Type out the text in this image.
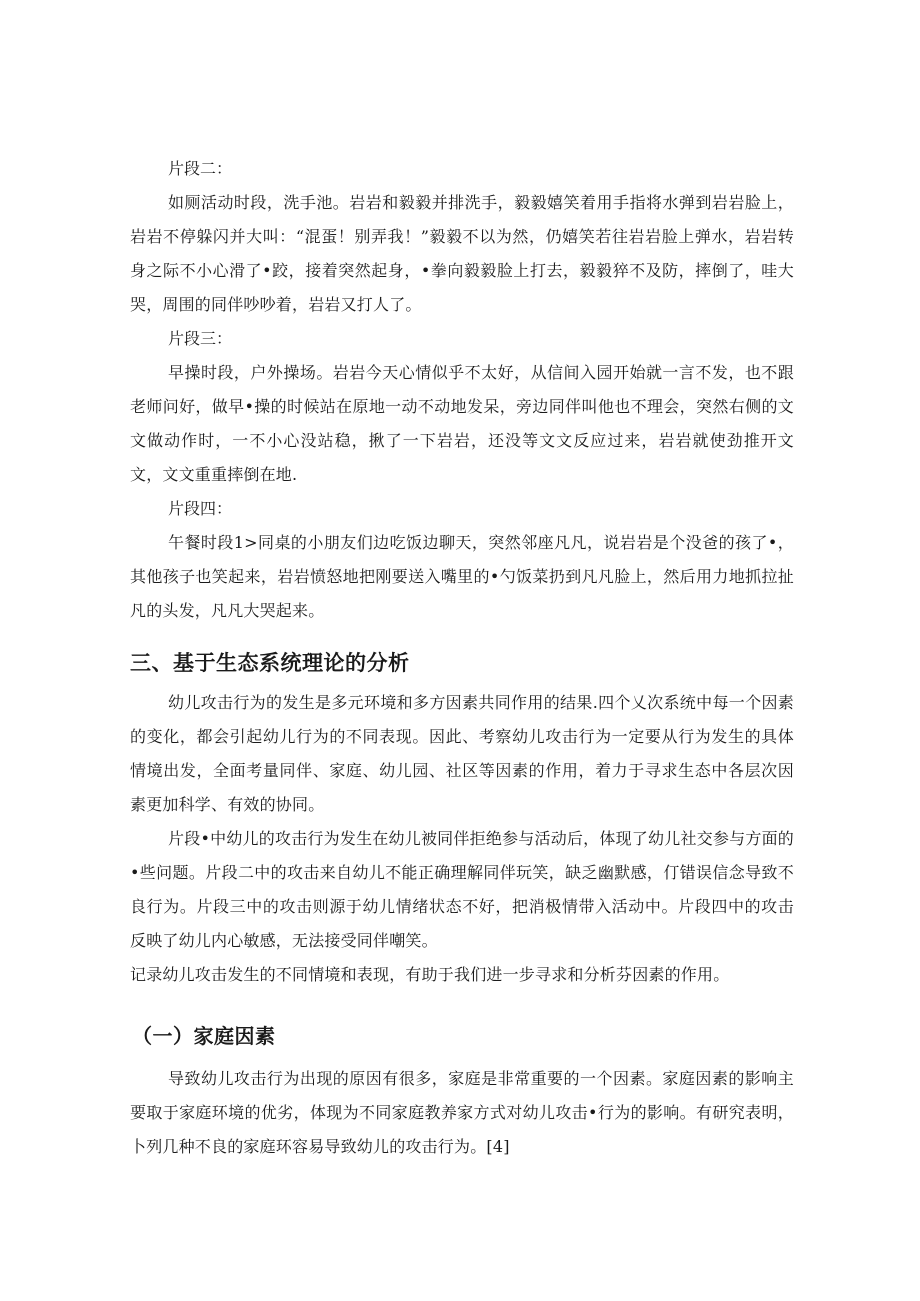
片段二：

如厕活动时段，洗手池。岩岩和毅毅并排洗手，毅毅嬉笑着用手指将水弹到岩岩脸上，岩岩不停躲闪并大叫：“混蛋！别弄我！”毅毅不以为然，仍嬉笑若往岩岩脸上弹水，岩岩转身之际不小心滑了•跤，接着突然起身，•拳向毅毅脸上打去，毅毅猝不及防，摔倒了，哇大哭，周围的同伴吵吵着，岩岩又打人了。

片段三：

早操时段，户外操场。岩岩今天心情似乎不太好，从信间入园开始就一言不发，也不跟老师问好，做早•操的时候站在原地一动不动地发呆，旁边同伴叫他也不理会，突然右侧的文文做动作时，一不小心没站稳，揪了一下岩岩，还没等文文反应过来，岩岩就使劲推开文文，文文重重摔倒在地.

片段四：

午餐时段1>同桌的小朋友们边吃饭边聊天，突然邻座凡凡，说岩岩是个没爸的孩了•，其他孩子也笑起来，岩岩愤怒地把刚要送入嘴里的•勺饭菜扔到凡凡脸上，然后用力地抓拉扯凡的头发，凡凡大哭起来。

三、基于生态系统理论的分析

幼儿攻击行为的发生是多元环境和多方因素共同作用的结果.四个乂次系统中每一个因素的变化，都会引起幼儿行为的不同表现。因此、考察幼儿攻击行为一定要从行为发生的具体情境出发，全面考量同伴、家庭、幼儿园、社区等因素的作用，着力于寻求生态中各层次因素更加科学、有效的协同。

片段•中幼儿的攻击行为发生在幼儿被同伴拒绝参与活动后，体现了幼儿社交参与方面的•些问题。片段二中的攻击来自幼儿不能正确理解同伴玩笑，缺乏幽默感，仃错误信念导致不良行为。片段三中的攻击则源于幼儿情绪状态不好，把消极情带入活动中。片段四中的攻击反映了幼儿内心敏感，无法接受同伴嘲笑。

记录幼儿攻击发生的不同情境和表现，有助于我们进一步寻求和分析芬因素的作用。

（一）家庭因素

导致幼儿攻击行为出现的原因有很多，家庭是非常重要的一个因素。家庭因素的影响主要取于家庭环境的优劣，体现为不同家庭教养家方式对幼儿攻击•行为的影响。有研究表明，卜列几种不良的家庭环容易导致幼儿的攻击行为。[4]
